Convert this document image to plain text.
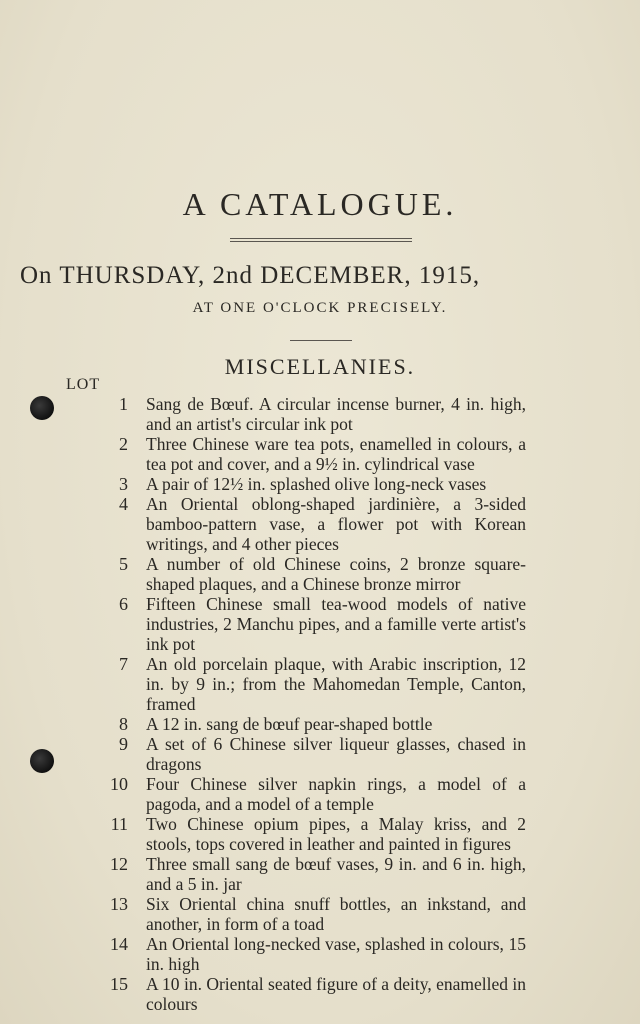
A CATALOGUE.
On THURSDAY, 2nd DECEMBER, 1915,
AT ONE O'CLOCK PRECISELY.
MISCELLANIES.
LOT
1 Sang de Bœuf. A circular incense burner, 4 in. high, and an artist's circular ink pot
2 Three Chinese ware tea pots, enamelled in colours, a tea pot and cover, and a 9½ in. cylindrical vase
3 A pair of 12½ in. splashed olive long-neck vases
4 An Oriental oblong-shaped jardinière, a 3-sided bamboo-pattern vase, a flower pot with Korean writings, and 4 other pieces
5 A number of old Chinese coins, 2 bronze square-shaped plaques, and a Chinese bronze mirror
6 Fifteen Chinese small tea-wood models of native industries, 2 Manchu pipes, and a famille verte artist's ink pot
7 An old porcelain plaque, with Arabic inscription, 12 in. by 9 in.; from the Mahomedan Temple, Canton, framed
8 A 12 in. sang de bœuf pear-shaped bottle
9 A set of 6 Chinese silver liqueur glasses, chased in dragons
10 Four Chinese silver napkin rings, a model of a pagoda, and a model of a temple
11 Two Chinese opium pipes, a Malay kriss, and 2 stools, tops covered in leather and painted in figures
12 Three small sang de bœuf vases, 9 in. and 6 in. high, and a 5 in. jar
13 Six Oriental china snuff bottles, an inkstand, and another, in form of a toad
14 An Oriental long-necked vase, splashed in colours, 15 in. high
15 A 10 in. Oriental seated figure of a deity, enamelled in colours
